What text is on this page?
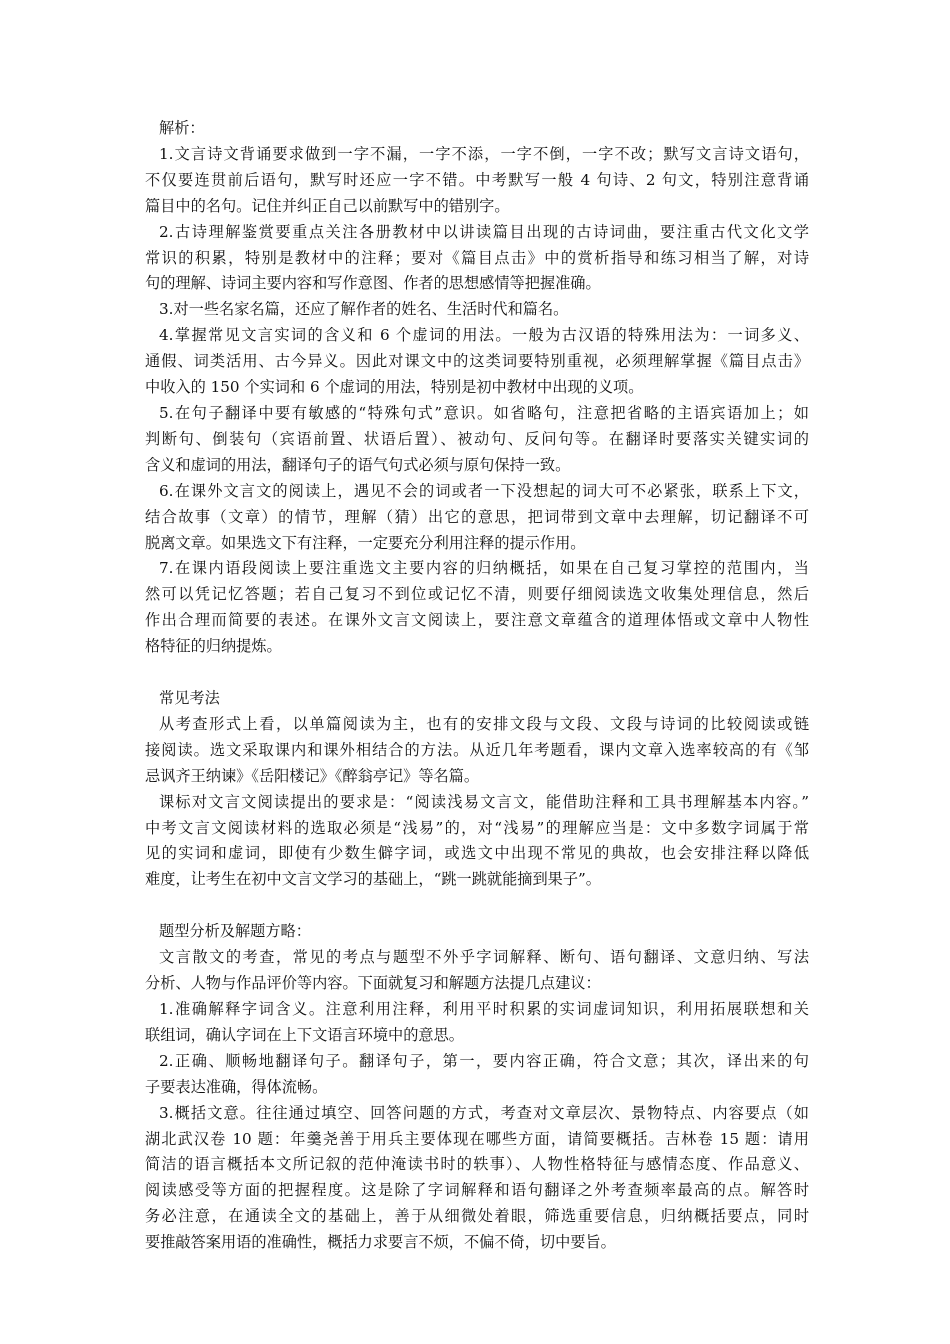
解析：
1.文言诗文背诵要求做到一字不漏，一字不添，一字不倒，一字不改；默写文言诗文语句，
不仅要连贯前后语句，默写时还应一字不错。中考默写一般 4 句诗、2 句文，特别注意背诵
篇目中的名句。记住并纠正自己以前默写中的错别字。
2.古诗理解鉴赏要重点关注各册教材中以讲读篇目出现的古诗词曲，要注重古代文化文学
常识的积累，特别是教材中的注释；要对《篇目点击》中的赏析指导和练习相当了解，对诗
句的理解、诗词主要内容和写作意图、作者的思想感情等把握准确。
3.对一些名家名篇，还应了解作者的姓名、生活时代和篇名。
4.掌握常见文言实词的含义和 6 个虚词的用法。一般为古汉语的特殊用法为：一词多义、
通假、词类活用、古今异义。因此对课文中的这类词要特别重视，必须理解掌握《篇目点击》
中收入的 150 个实词和 6 个虚词的用法，特别是初中教材中出现的义项。
5.在句子翻译中要有敏感的“特殊句式”意识。如省略句，注意把省略的主语宾语加上；如
判断句、倒装句（宾语前置、状语后置）、被动句、反问句等。在翻译时要落实关键实词的
含义和虚词的用法，翻译句子的语气句式必须与原句保持一致。
6.在课外文言文的阅读上，遇见不会的词或者一下没想起的词大可不必紧张，联系上下文，
结合故事（文章）的情节，理解（猜）出它的意思，把词带到文章中去理解，切记翻译不可
脱离文章。如果选文下有注释，一定要充分利用注释的提示作用。
7.在课内语段阅读上要注重选文主要内容的归纳概括，如果在自己复习掌控的范围内，当
然可以凭记忆答题；若自己复习不到位或记忆不清，则要仔细阅读选文收集处理信息，然后
作出合理而简要的表述。在课外文言文阅读上，要注意文章蕴含的道理体悟或文章中人物性
格特征的归纳提炼。
常见考法
从考查形式上看，以单篇阅读为主，也有的安排文段与文段、文段与诗词的比较阅读或链
接阅读。选文采取课内和课外相结合的方法。从近几年考题看，课内文章入选率较高的有《邹
忌讽齐王纳谏》《岳阳楼记》《醉翁亭记》等名篇。
课标对文言文阅读提出的要求是：“阅读浅易文言文，能借助注释和工具书理解基本内容。”
中考文言文阅读材料的选取必须是“浅易”的，对“浅易”的理解应当是：文中多数字词属于常
见的实词和虚词，即使有少数生僻字词，或选文中出现不常见的典故，也会安排注释以降低
难度，让考生在初中文言文学习的基础上，“跳一跳就能摘到果子”。
题型分析及解题方略：
文言散文的考查，常见的考点与题型不外乎字词解释、断句、语句翻译、文意归纳、写法
分析、人物与作品评价等内容。下面就复习和解题方法提几点建议：
1.准确解释字词含义。注意利用注释，利用平时积累的实词虚词知识，利用拓展联想和关
联组词，确认字词在上下文语言环境中的意思。
2.正确、顺畅地翻译句子。翻译句子，第一，要内容正确，符合文意；其次，译出来的句
子要表达准确，得体流畅。
3.概括文意。往往通过填空、回答问题的方式，考查对文章层次、景物特点、内容要点（如
湖北武汉卷 10 题：年羹尧善于用兵主要体现在哪些方面，请简要概括。吉林卷 15 题：请用
简洁的语言概括本文所记叙的范仲淹读书时的轶事）、人物性格特征与感情态度、作品意义、
阅读感受等方面的把握程度。这是除了字词解释和语句翻译之外考查频率最高的点。解答时
务必注意，在通读全文的基础上，善于从细微处着眼，筛选重要信息，归纳概括要点，同时
要推敲答案用语的准确性，概括力求要言不烦，不偏不倚，切中要旨。
